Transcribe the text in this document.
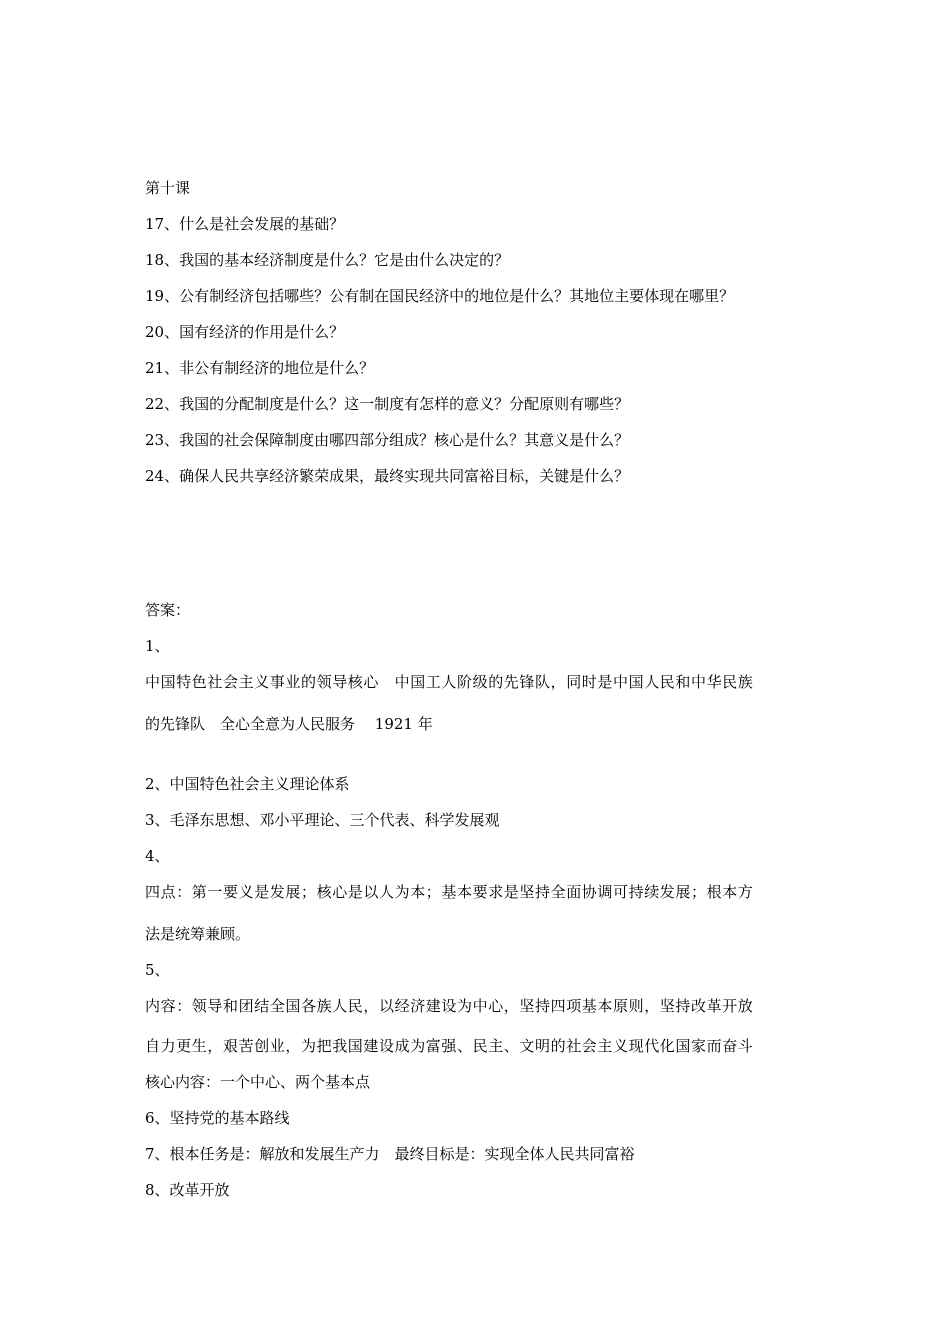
第十课
17、什么是社会发展的基础？
18、我国的基本经济制度是什么？它是由什么决定的？
19、公有制经济包括哪些？公有制在国民经济中的地位是什么？其地位主要体现在哪里？
20、国有经济的作用是什么？
21、非公有制经济的地位是什么？
22、我国的分配制度是什么？这一制度有怎样的意义？分配原则有哪些？
23、我国的社会保障制度由哪四部分组成？核心是什么？其意义是什么？
24、确保人民共享经济繁荣成果，最终实现共同富裕目标，关键是什么？
答案：
1、
中国特色社会主义事业的领导核心　中国工人阶级的先锋队，同时是中国人民和中华民族
的先锋队　全心全意为人民服务　 1921 年
2、中国特色社会主义理论体系
3、毛泽东思想、邓小平理论、三个代表、科学发展观
4、
四点：第一要义是发展；核心是以人为本；基本要求是坚持全面协调可持续发展；根本方
法是统筹兼顾。
5、
内容：领导和团结全国各族人民，以经济建设为中心，坚持四项基本原则，坚持改革开放
自力更生，艰苦创业，为把我国建设成为富强、民主、文明的社会主义现代化国家而奋斗
核心内容：一个中心、两个基本点
6、坚持党的基本路线
7、根本任务是：解放和发展生产力　最终目标是：实现全体人民共同富裕
8、改革开放
